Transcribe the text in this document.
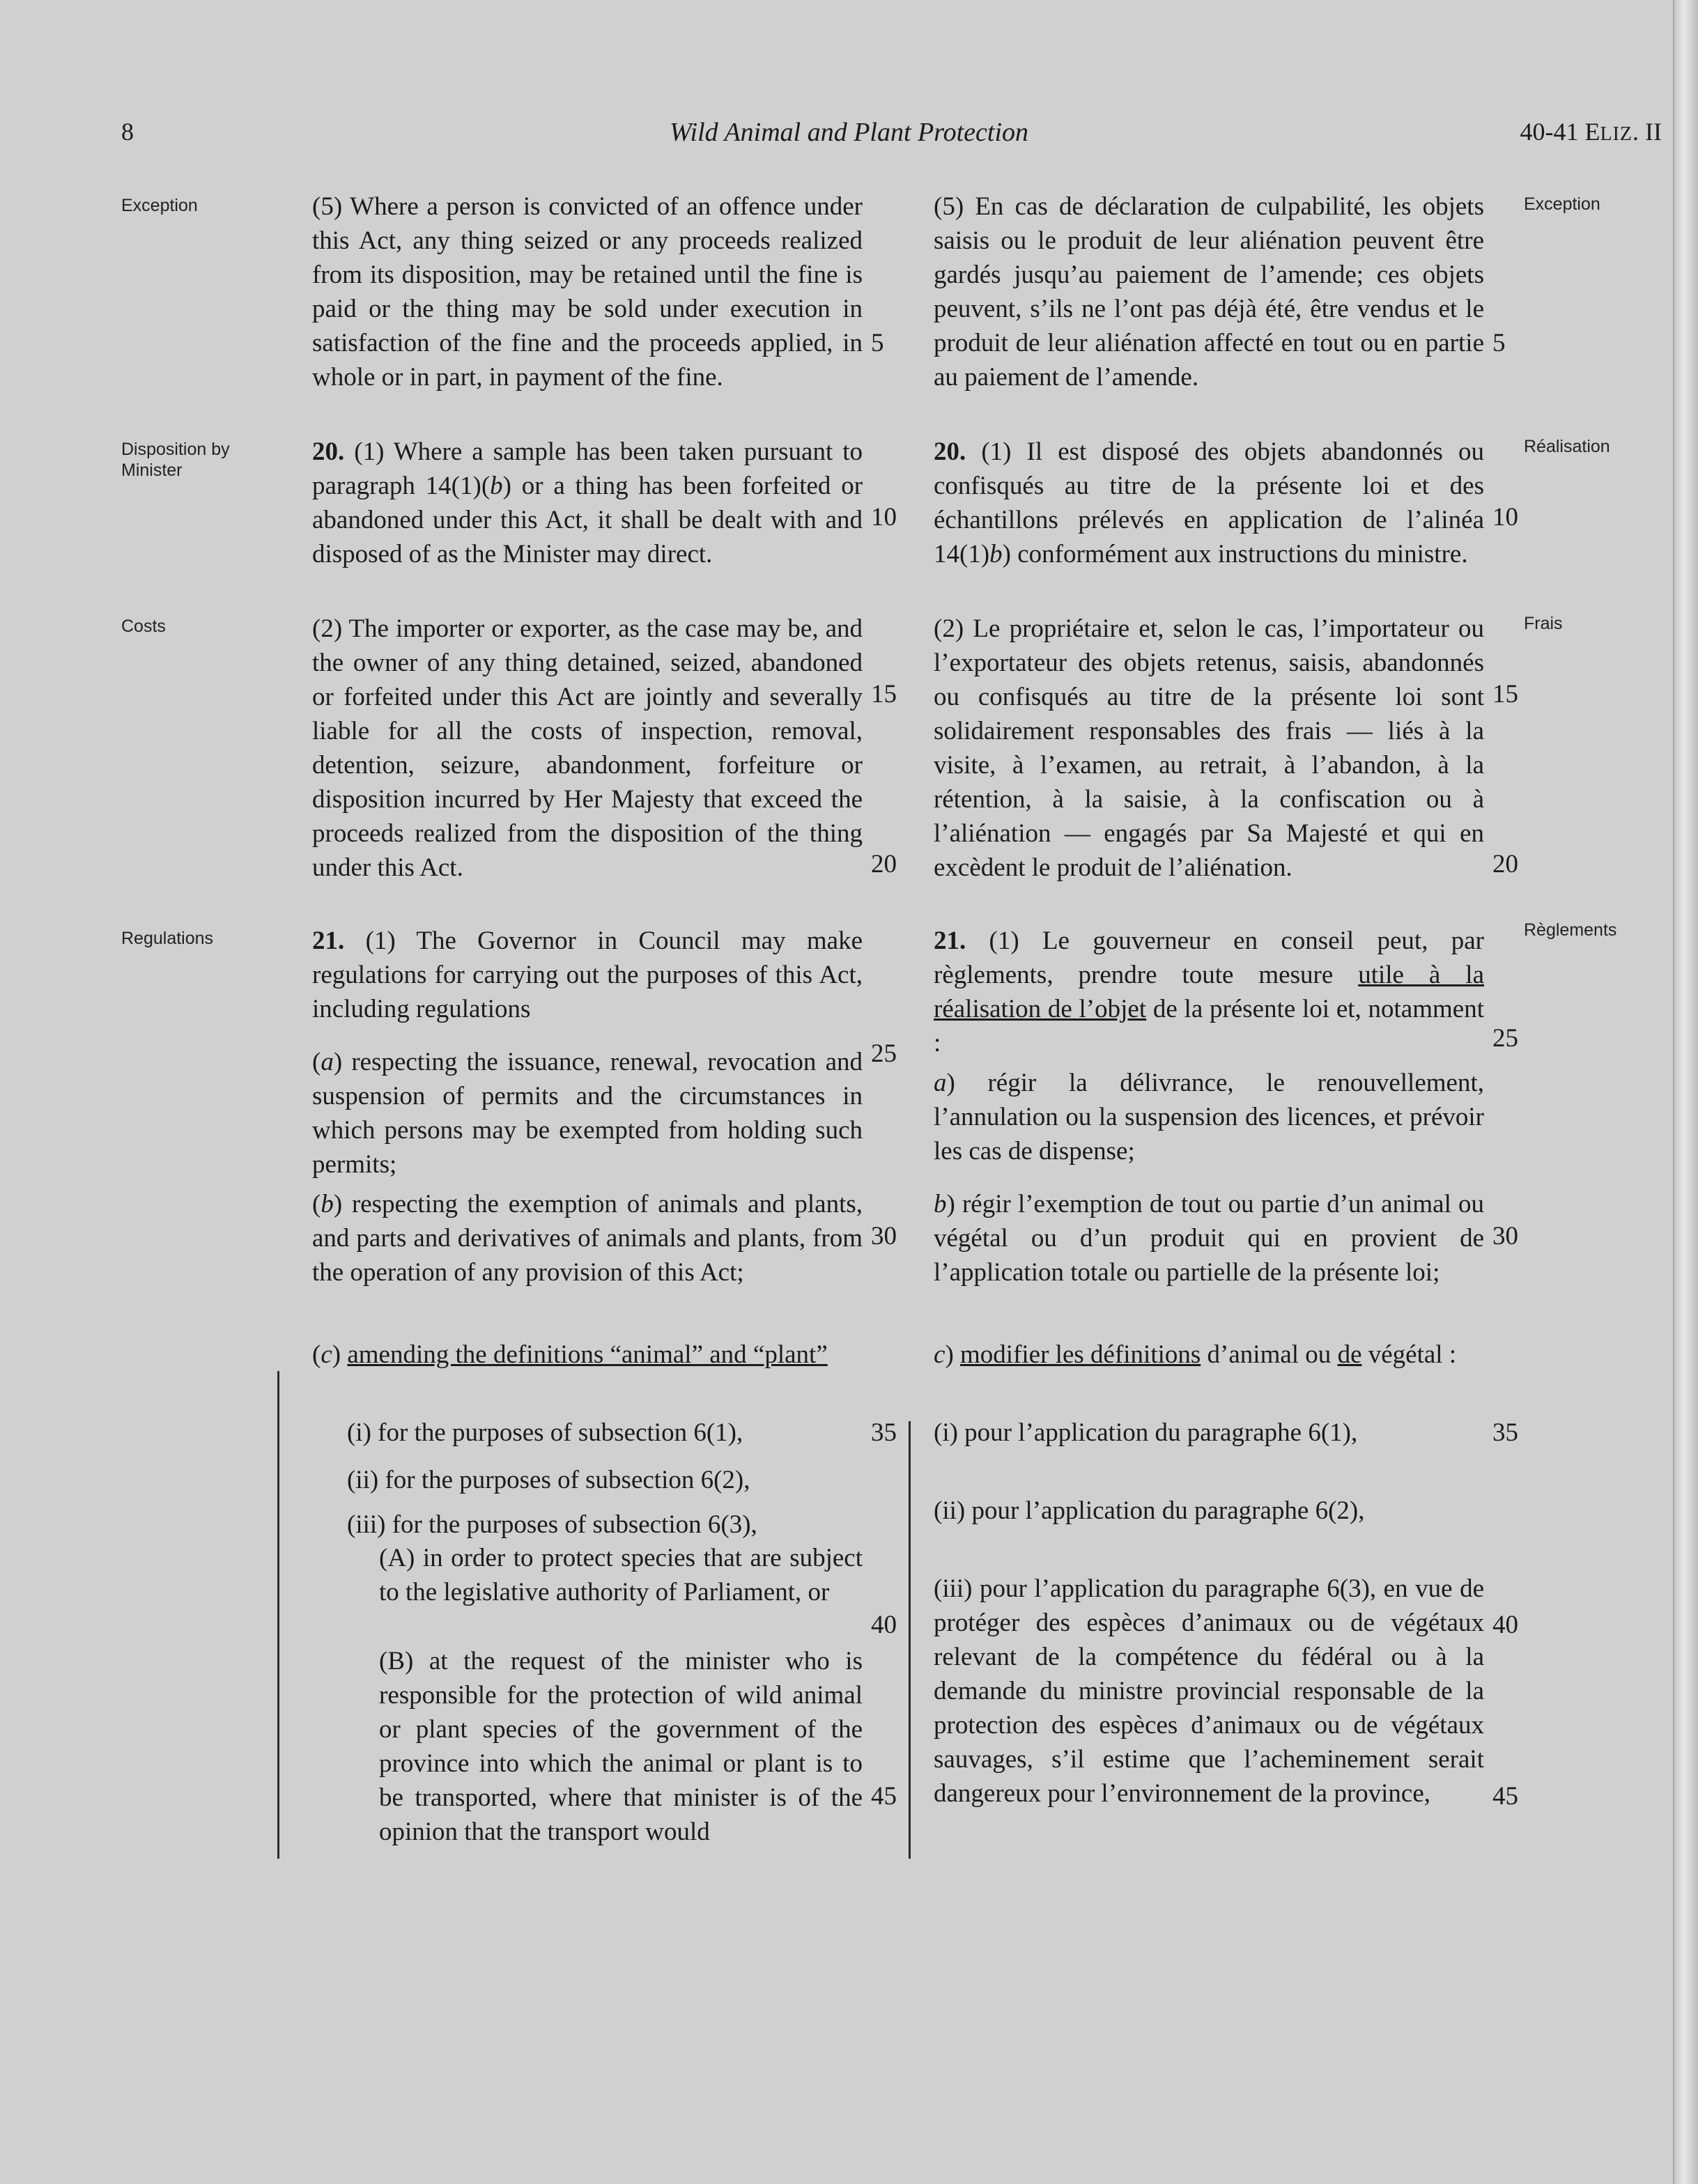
8	Wild Animal and Plant Protection	40-41 ELIZ. II
Exception
Disposition by Minister
Costs
Regulations
Exception
Réalisation
Frais
Règlements
(5) Where a person is convicted of an offence under this Act, any thing seized or any proceeds realized from its disposition, may be retained until the fine is paid or the thing may be sold under execution in satisfaction of the fine and the proceeds applied, in whole or in part, in payment of the fine.
20. (1) Where a sample has been taken pursuant to paragraph 14(1)(b) or a thing has been forfeited or abandoned under this Act, it shall be dealt with and disposed of as the Minister may direct.
(2) The importer or exporter, as the case may be, and the owner of any thing detained, seized, abandoned or forfeited under this Act are jointly and severally liable for all the costs of inspection, removal, detention, seizure, abandonment, forfeiture or disposition incurred by Her Majesty that exceed the proceeds realized from the disposition of the thing under this Act.
21. (1) The Governor in Council may make regulations for carrying out the purposes of this Act, including regulations
(a) respecting the issuance, renewal, revocation and suspension of permits and the circumstances in which persons may be exempted from holding such permits;
(b) respecting the exemption of animals and plants, and parts and derivatives of animals and plants, from the operation of any provision of this Act;
(c) amending the definitions “animal” and “plant”
(i) for the purposes of subsection 6(1),
(ii) for the purposes of subsection 6(2),
(iii) for the purposes of subsection 6(3),
(A) in order to protect species that are subject to the legislative authority of Parliament, or
(B) at the request of the minister who is responsible for the protection of wild animal or plant species of the government of the province into which the animal or plant is to be transported, where that minister is of the opinion that the transport would
(5) En cas de déclaration de culpabilité, les objets saisis ou le produit de leur aliénation peuvent être gardés jusqu’au paiement de l’amende; ces objets peuvent, s’ils ne l’ont pas déjà été, être vendus et le produit de leur aliénation affecté en tout ou en partie au paiement de l’amende.
20. (1) Il est disposé des objets abandonnés ou confisqués au titre de la présente loi et des échantillons prélevés en application de l’alinéa 14(1)b) conformément aux instructions du ministre.
(2) Le propriétaire et, selon le cas, l’importateur ou l’exportateur des objets retenus, saisis, abandonnés ou confisqués au titre de la présente loi sont solidairement responsables des frais — liés à la visite, à l’examen, au retrait, à l’abandon, à la rétention, à la saisie, à la confiscation ou à l’aliénation — engagés par Sa Majesté et qui en excèdent le produit de l’aliénation.
21. (1) Le gouverneur en conseil peut, par règlements, prendre toute mesure utile à la réalisation de l’objet de la présente loi et, notamment :
a) régir la délivrance, le renouvellement, l’annulation ou la suspension des licences, et prévoir les cas de dispense;
b) régir l’exemption de tout ou partie d’un animal ou végétal ou d’un produit qui en provient de l’application totale ou partielle de la présente loi;
c) modifier les définitions d’animal ou de végétal :
(i) pour l’application du paragraphe 6(1),
(ii) pour l’application du paragraphe 6(2),
(iii) pour l’application du paragraphe 6(3), en vue de protéger des espèces d’animaux ou de végétaux relevant de la compétence du fédéral ou à la demande du ministre provincial responsable de la protection des espèces d’animaux ou de végétaux sauvages, s’il estime que l’acheminement serait dangereux pour l’environnement de la province,
5
10
15
20
25
30
35
40
45
5
10
15
20
25
30
35
40
45
